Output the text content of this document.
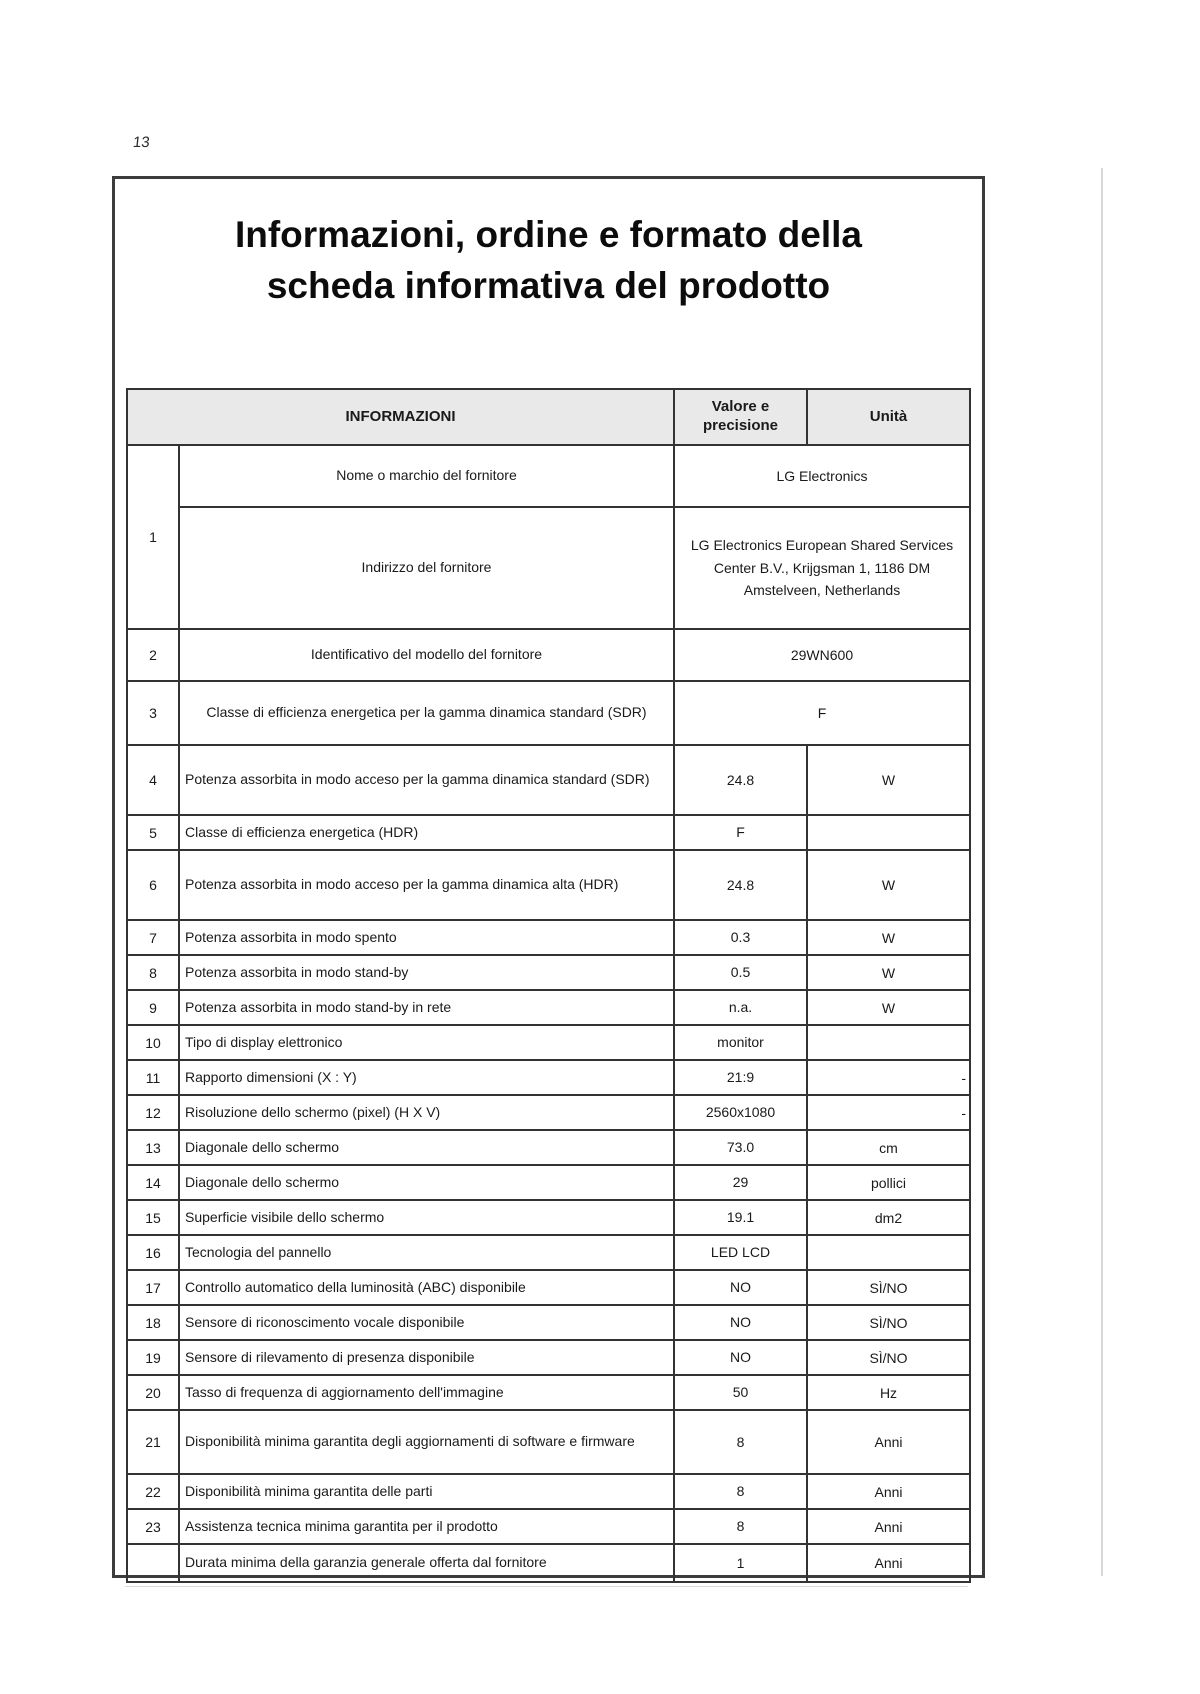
13
Informazioni, ordine e formato della
scheda informativa del prodotto
INFORMAZIONI		Valore e precisione	Unità
1	Nome o marchio del fornitore	LG Electronics	
	Indirizzo del fornitore	LG Electronics European Shared Services Center B.V., Krijgsman 1, 1186 DM Amstelveen, Netherlands	
2	Identificativo del modello del fornitore	29WN600	
3	Classe di efficienza energetica per la gamma dinamica standard (SDR)	F	
4	Potenza assorbita in modo acceso per la gamma dinamica standard (SDR)	24.8	W
5	Classe di efficienza energetica (HDR)	F	
6	Potenza assorbita in modo acceso per la gamma dinamica alta (HDR)	24.8	W
7	Potenza assorbita in modo spento	0.3	W
8	Potenza assorbita in modo stand-by	0.5	W
9	Potenza assorbita in modo stand-by in rete	n.a.	W
10	Tipo di display elettronico	monitor	
11	Rapporto dimensioni (X : Y)	21:9	-
12	Risoluzione dello schermo (pixel) (H X V)	2560x1080	-
13	Diagonale dello schermo	73.0	cm
14	Diagonale dello schermo	29	pollici
15	Superficie visibile dello schermo	19.1	dm2
16	Tecnologia del pannello	LED LCD	
17	Controllo automatico della luminosità (ABC) disponibile	NO	SÌ/NO
18	Sensore di riconoscimento vocale disponibile	NO	SÌ/NO
19	Sensore di rilevamento di presenza disponibile	NO	SÌ/NO
20	Tasso di frequenza di aggiornamento dell'immagine	50	Hz
21	Disponibilità minima garantita degli aggiornamenti di software e firmware	8	Anni
22	Disponibilità minima garantita delle parti	8	Anni
23	Assistenza tecnica minima garantita per il prodotto	8	Anni
	Durata minima della garanzia generale offerta dal fornitore	1	Anni
